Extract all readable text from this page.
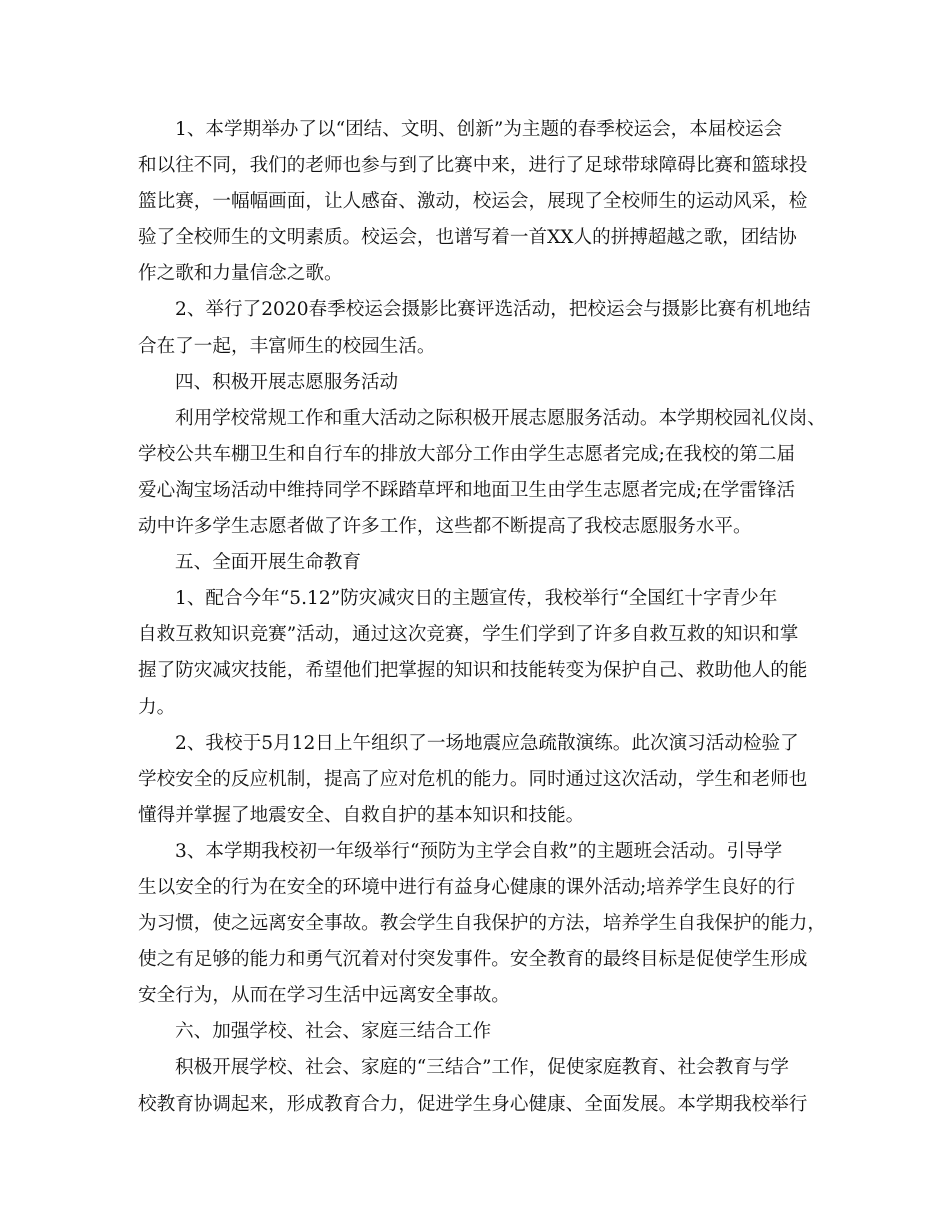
1、本学期举办了以“团结、文明、创新”为主题的春季校运会，本届校运会
和以往不同，我们的老师也参与到了比赛中来，进行了足球带球障碍比赛和篮球投
篮比赛，一幅幅画面，让人感奋、激动，校运会，展现了全校师生的运动风采，检
验了全校师生的文明素质。校运会，也谱写着一首XX人的拼搏超越之歌，团结协
作之歌和力量信念之歌。
2、举行了2020春季校运会摄影比赛评选活动，把校运会与摄影比赛有机地结
合在了一起，丰富师生的校园生活。
四、积极开展志愿服务活动
利用学校常规工作和重大活动之际积极开展志愿服务活动。本学期校园礼仪岗、
学校公共车棚卫生和自行车的排放大部分工作由学生志愿者完成;在我校的第二届
爱心淘宝场活动中维持同学不踩踏草坪和地面卫生由学生志愿者完成;在学雷锋活
动中许多学生志愿者做了许多工作，这些都不断提高了我校志愿服务水平。
五、全面开展生命教育
1、配合今年“5.12”防灾减灾日的主题宣传，我校举行“全国红十字青少年
自救互救知识竞赛”活动，通过这次竞赛，学生们学到了许多自救互救的知识和掌
握了防灾减灾技能，希望他们把掌握的知识和技能转变为保护自己、救助他人的能
力。
2、我校于5月12日上午组织了一场地震应急疏散演练。此次演习活动检验了
学校安全的反应机制，提高了应对危机的能力。同时通过这次活动，学生和老师也
懂得并掌握了地震安全、自救自护的基本知识和技能。
3、本学期我校初一年级举行“预防为主学会自救”的主题班会活动。引导学
生以安全的行为在安全的环境中进行有益身心健康的课外活动;培养学生良好的行
为习惯，使之远离安全事故。教会学生自我保护的方法，培养学生自我保护的能力，
使之有足够的能力和勇气沉着对付突发事件。安全教育的最终目标是促使学生形成
安全行为，从而在学习生活中远离安全事故。
六、加强学校、社会、家庭三结合工作
积极开展学校、社会、家庭的“三结合”工作，促使家庭教育、社会教育与学
校教育协调起来，形成教育合力，促进学生身心健康、全面发展。本学期我校举行
